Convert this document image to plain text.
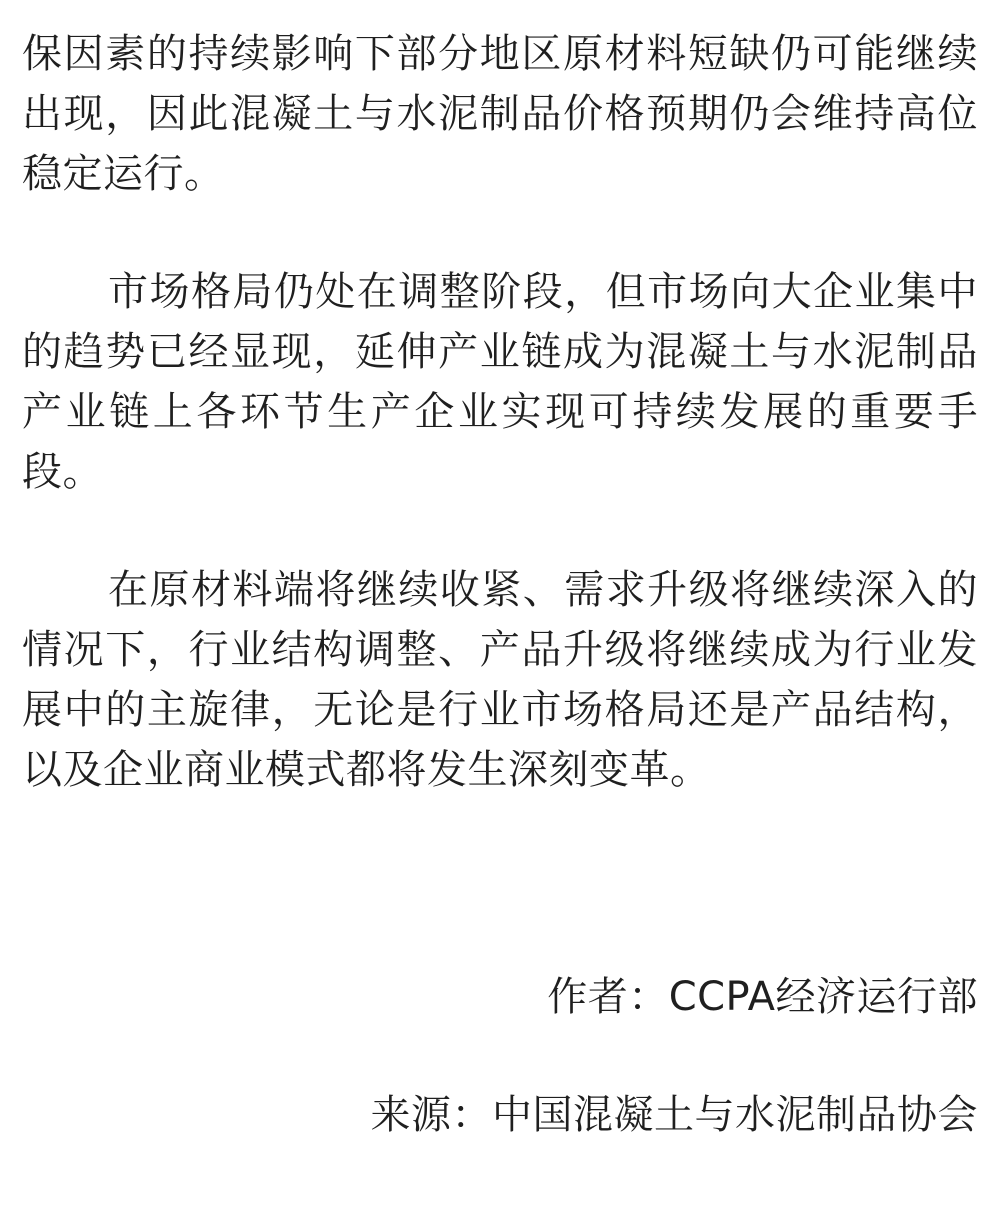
保因素的持续影响下部分地区原材料短缺仍可能继续出现，因此混凝土与水泥制品价格预期仍会维持高位稳定运行。

市场格局仍处在调整阶段，但市场向大企业集中的趋势已经显现，延伸产业链成为混凝土与水泥制品产业链上各环节生产企业实现可持续发展的重要手段。

在原材料端将继续收紧、需求升级将继续深入的情况下，行业结构调整、产品升级将继续成为行业发展中的主旋律，无论是行业市场格局还是产品结构，以及企业商业模式都将发生深刻变革。

作者：CCPA经济运行部
来源：中国混凝土与水泥制品协会
